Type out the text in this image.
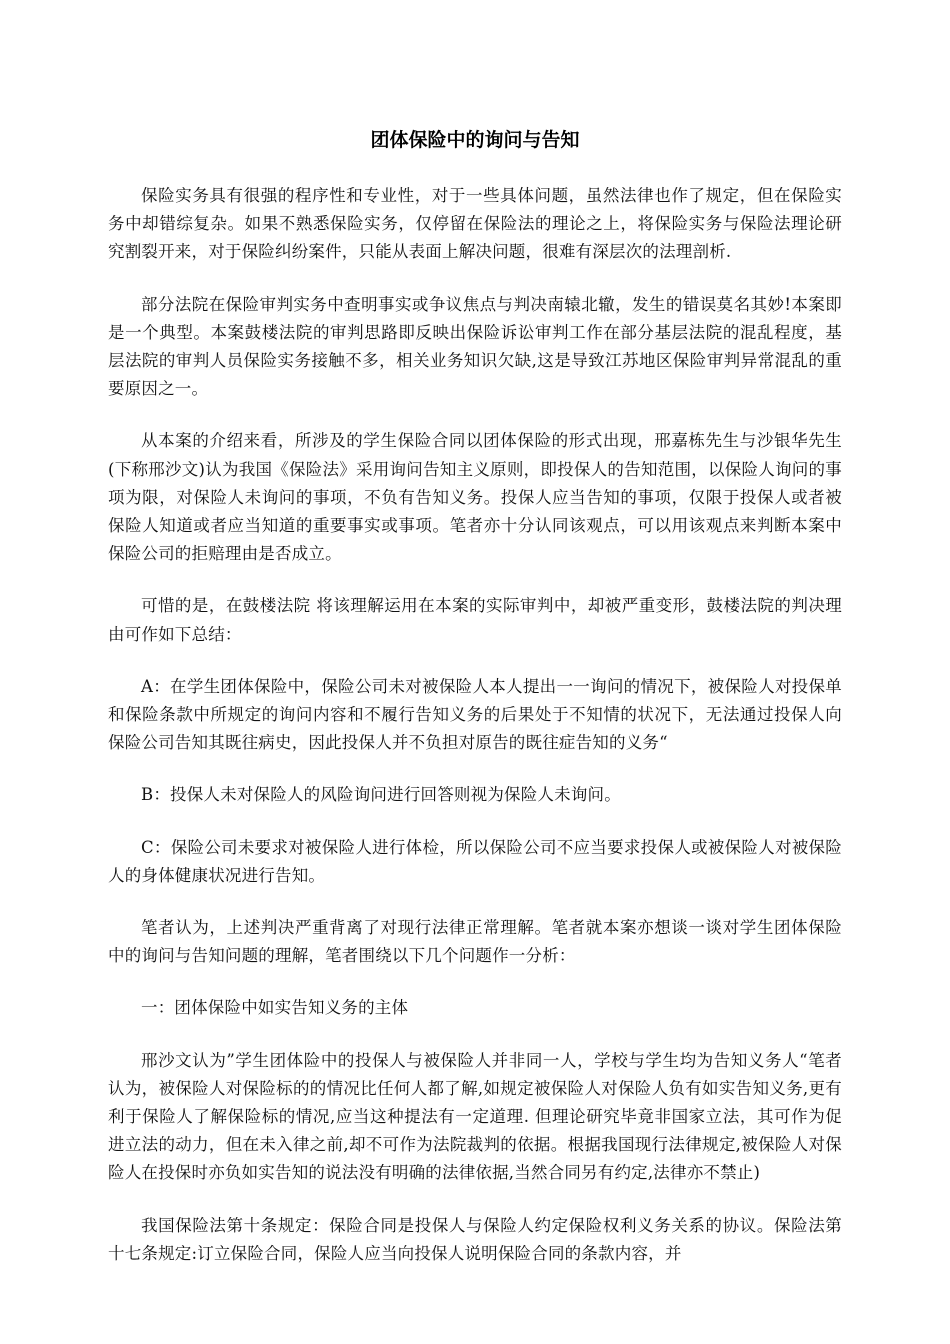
团体保险中的询问与告知

保险实务具有很强的程序性和专业性，对于一些具体问题，虽然法律也作了规定，但在保险实务中却错综复杂。如果不熟悉保险实务，仅停留在保险法的理论之上，将保险实务与保险法理论研究割裂开来，对于保险纠纷案件，只能从表面上解决问题，很难有深层次的法理剖析.

部分法院在保险审判实务中查明事实或争议焦点与判决南辕北辙，发生的错误莫名其妙!本案即是一个典型。本案鼓楼法院的审判思路即反映出保险诉讼审判工作在部分基层法院的混乱程度，基层法院的审判人员保险实务接触不多，相关业务知识欠缺,这是导致江苏地区保险审判异常混乱的重要原因之一。

从本案的介绍来看，所涉及的学生保险合同以团体保险的形式出现，邢嘉栋先生与沙银华先生(下称邢沙文)认为我国《保险法》采用询问告知主义原则，即投保人的告知范围，以保险人询问的事项为限，对保险人未询问的事项，不负有告知义务。投保人应当告知的事项，仅限于投保人或者被保险人知道或者应当知道的重要事实或事项。笔者亦十分认同该观点，可以用该观点来判断本案中保险公司的拒赔理由是否成立。

可惜的是，在鼓楼法院 将该理解运用在本案的实际审判中，却被严重变形，鼓楼法院的判决理由可作如下总结：

A：在学生团体保险中，保险公司未对被保险人本人提出一一询问的情况下，被保险人对投保单和保险条款中所规定的询问内容和不履行告知义务的后果处于不知情的状况下，无法通过投保人向保险公司告知其既往病史，因此投保人并不负担对原告的既往症告知的义务“

B：投保人未对保险人的风险询问进行回答则视为保险人未询问。

C：保险公司未要求对被保险人进行体检，所以保险公司不应当要求投保人或被保险人对被保险人的身体健康状况进行告知。

笔者认为，上述判决严重背离了对现行法律正常理解。笔者就本案亦想谈一谈对学生团体保险中的询问与告知问题的理解，笔者围绕以下几个问题作一分析：

一：团体保险中如实告知义务的主体

邢沙文认为”学生团体险中的投保人与被保险人并非同一人，学校与学生均为告知义务人“笔者认为，被保险人对保险标的的情况比任何人都了解,如规定被保险人对保险人负有如实告知义务,更有利于保险人了解保险标的情况,应当这种提法有一定道理. 但理论研究毕竟非国家立法，其可作为促进立法的动力，但在未入律之前,却不可作为法院裁判的依据。根据我国现行法律规定,被保险人对保险人在投保时亦负如实告知的说法没有明确的法律依据,当然合同另有约定,法律亦不禁止)

我国保险法第十条规定：保险合同是投保人与保险人约定保险权利义务关系的协议。保险法第十七条规定:订立保险合同，保险人应当向投保人说明保险合同的条款内容，并
